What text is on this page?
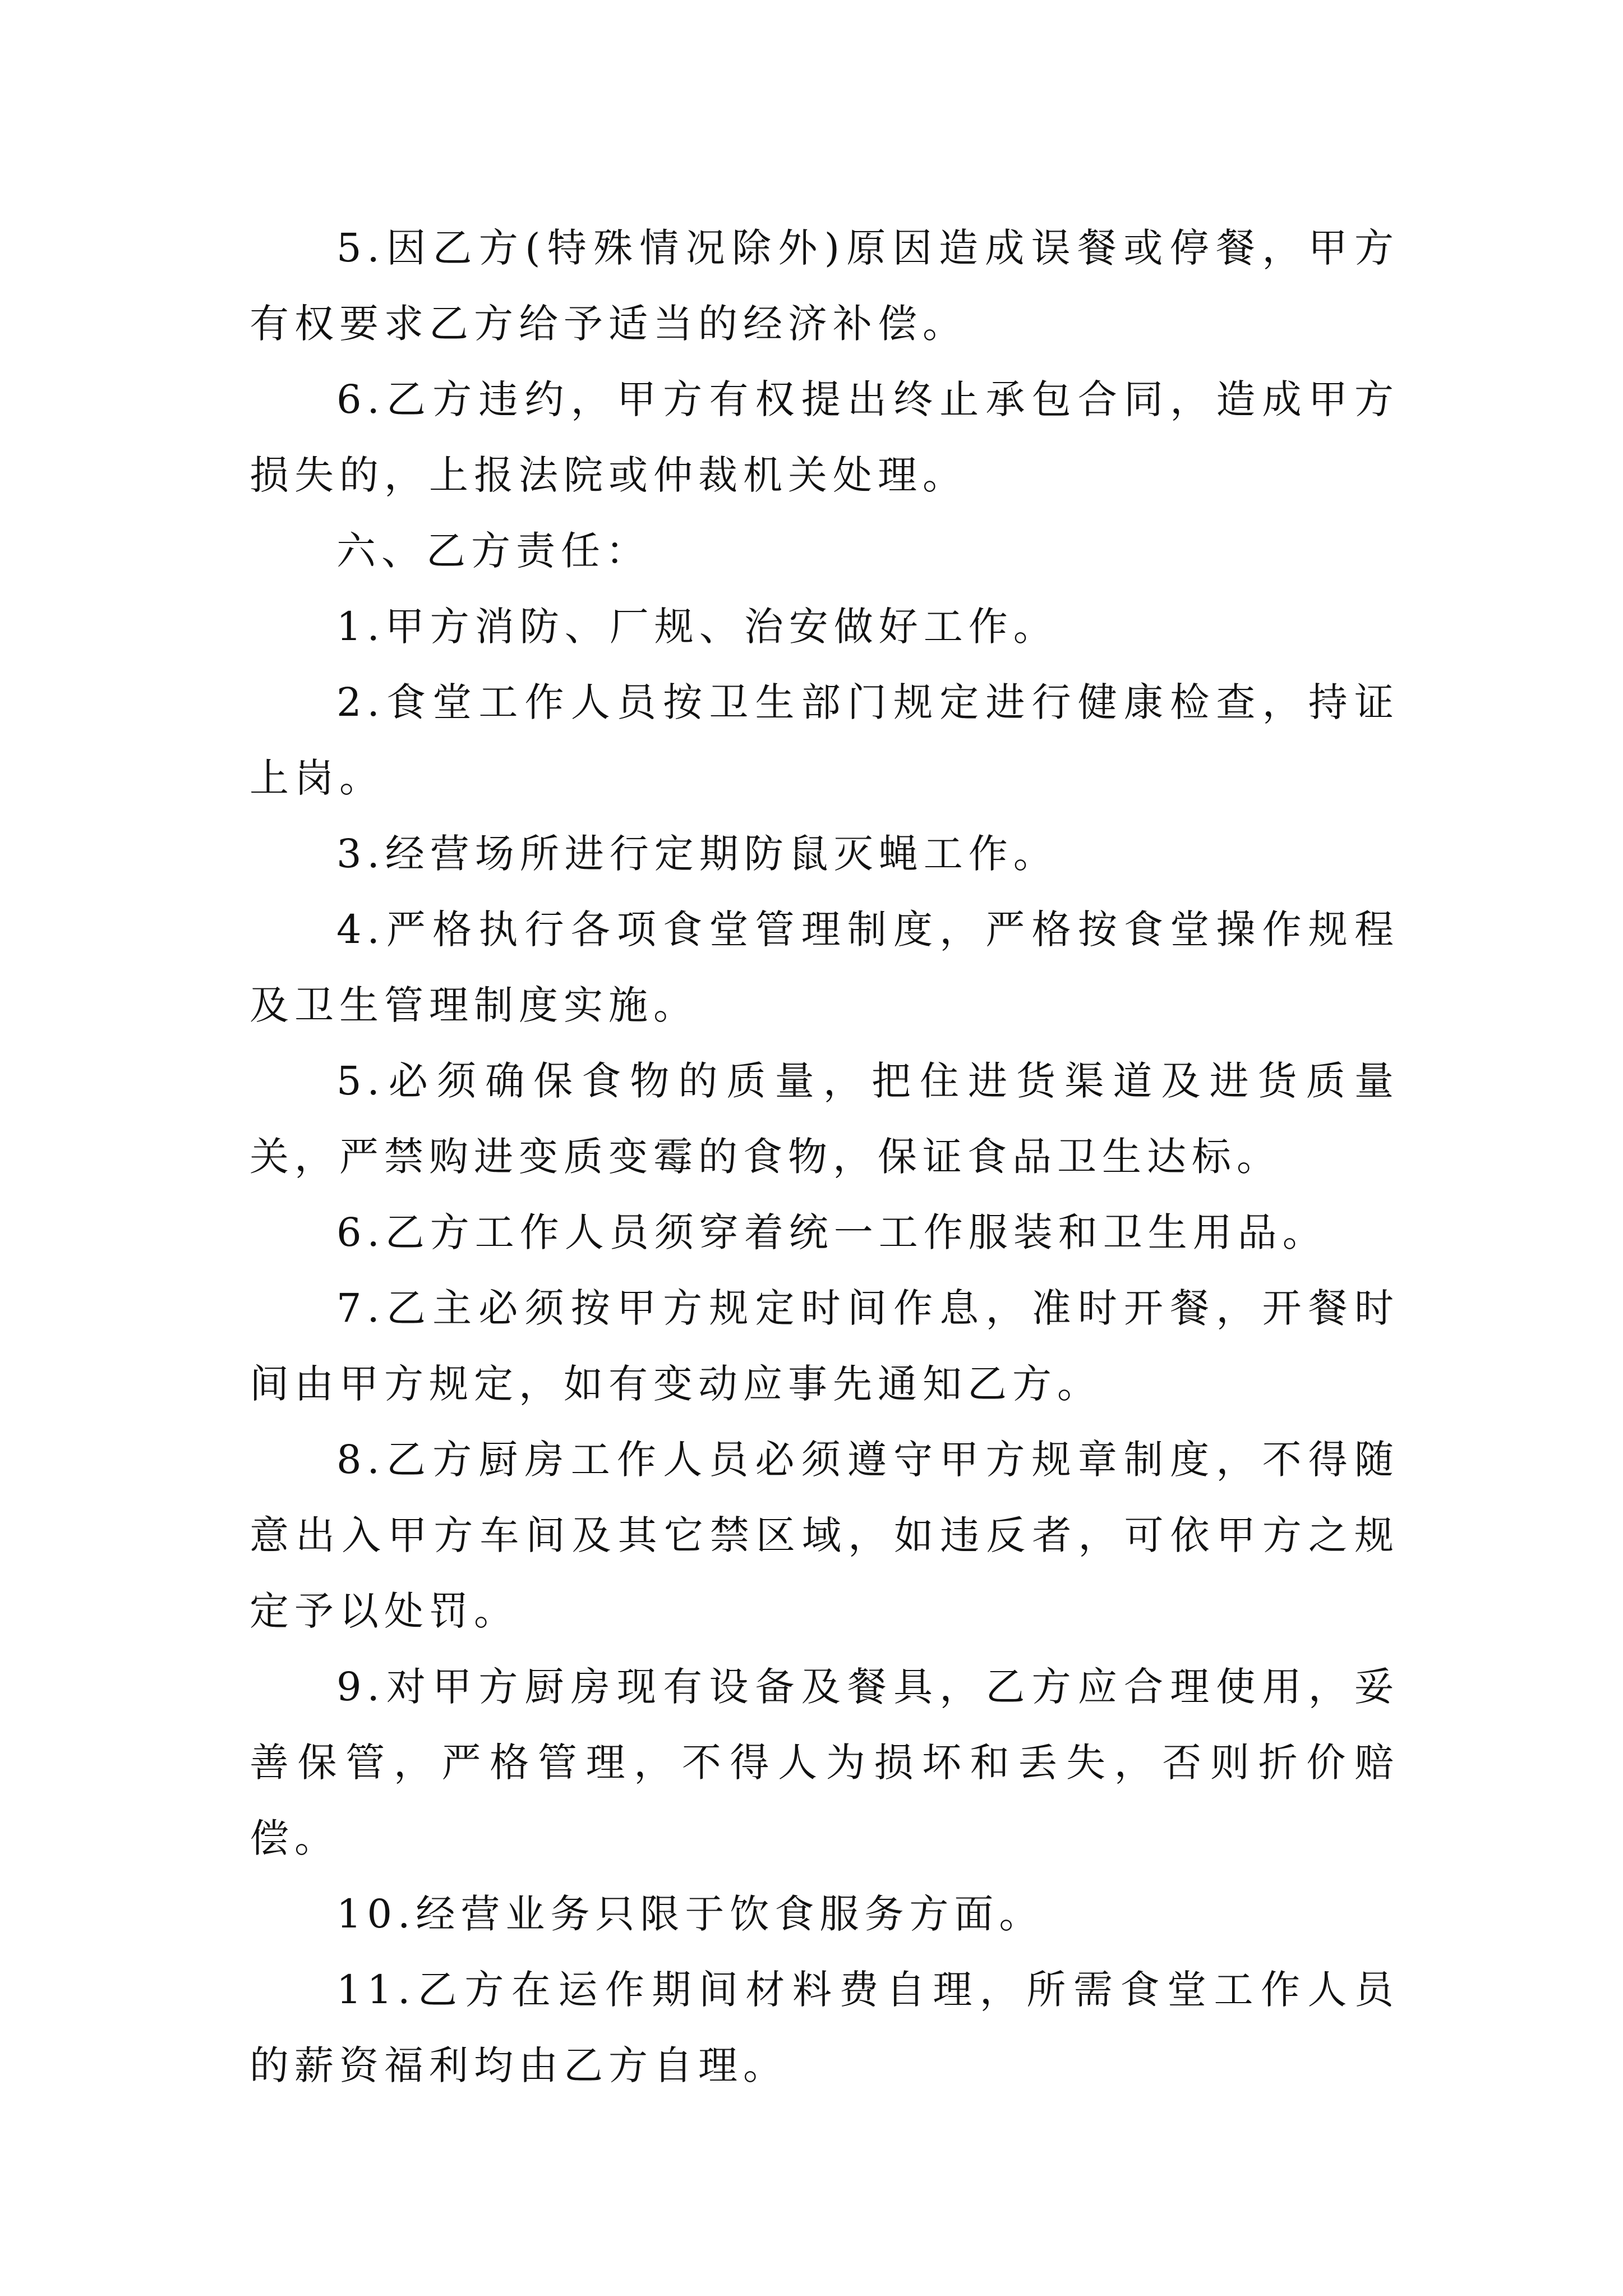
5.因乙方(特殊情况除外)原因造成误餐或停餐，甲方有权要求乙方给予适当的经济补偿。

6.乙方违约，甲方有权提出终止承包合同，造成甲方损失的，上报法院或仲裁机关处理。

六、乙方责任：

1.甲方消防、厂规、治安做好工作。

2.食堂工作人员按卫生部门规定进行健康检查，持证上岗。

3.经营场所进行定期防鼠灭蝇工作。

4.严格执行各项食堂管理制度，严格按食堂操作规程及卫生管理制度实施。

5.必须确保食物的质量，把住进货渠道及进货质量关，严禁购进变质变霉的食物，保证食品卫生达标。

6.乙方工作人员须穿着统一工作服装和卫生用品。

7.乙主必须按甲方规定时间作息，准时开餐，开餐时间由甲方规定，如有变动应事先通知乙方。

8.乙方厨房工作人员必须遵守甲方规章制度，不得随意出入甲方车间及其它禁区域，如违反者，可依甲方之规定予以处罚。

9.对甲方厨房现有设备及餐具，乙方应合理使用，妥善保管，严格管理，不得人为损坏和丢失，否则折价赔偿。

10.经营业务只限于饮食服务方面。

11.乙方在运作期间材料费自理，所需食堂工作人员的薪资福利均由乙方自理。
